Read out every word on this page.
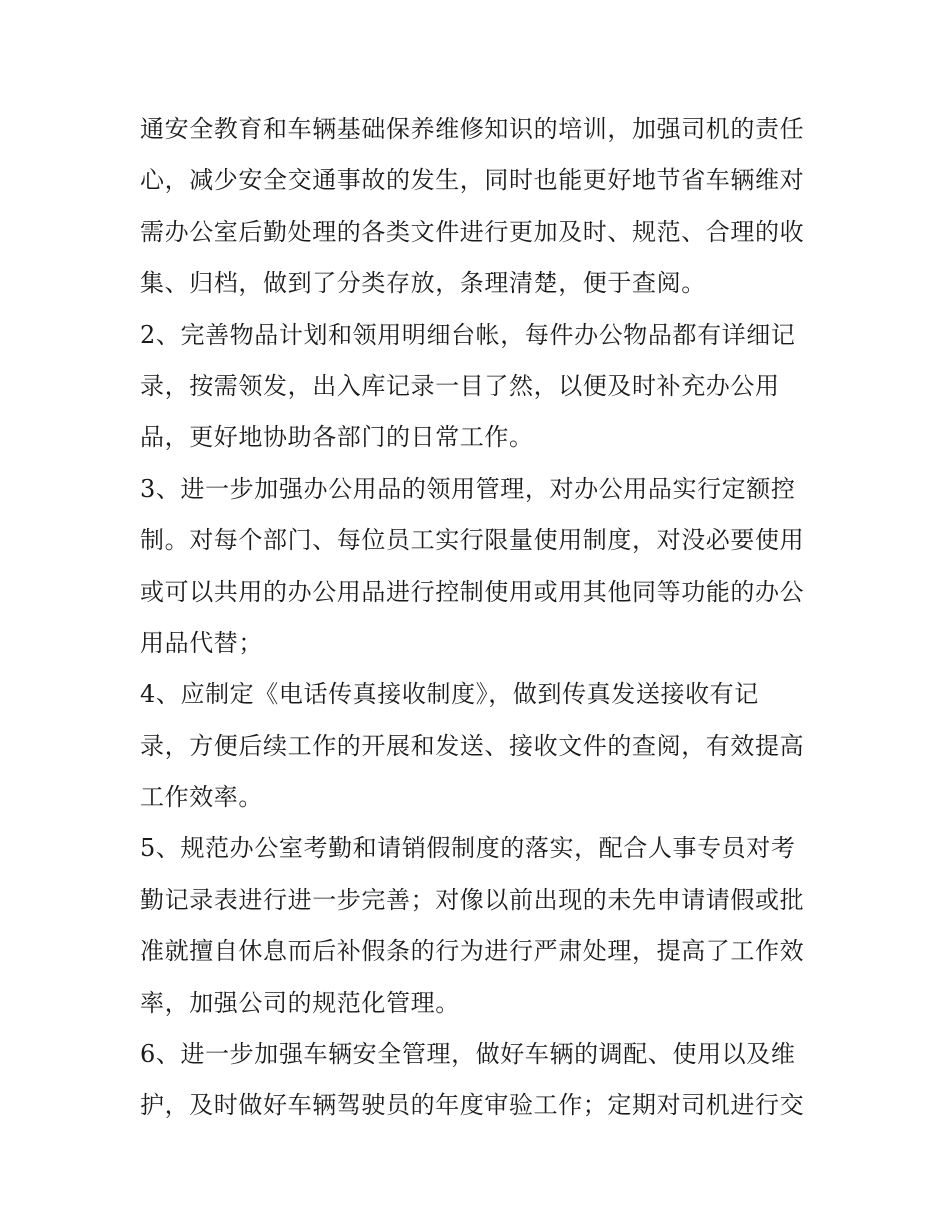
通安全教育和车辆基础保养维修知识的培训，加强司机的责任
心，减少安全交通事故的发生，同时也能更好地节省车辆维对
需办公室后勤处理的各类文件进行更加及时、规范、合理的收
集、归档，做到了分类存放，条理清楚，便于查阅。
2、完善物品计划和领用明细台帐，每件办公物品都有详细记
录，按需领发，出入库记录一目了然，以便及时补充办公用
品，更好地协助各部门的日常工作。
3、进一步加强办公用品的领用管理，对办公用品实行定额控
制。对每个部门、每位员工实行限量使用制度，对没必要使用
或可以共用的办公用品进行控制使用或用其他同等功能的办公
用品代替；
4、应制定《电话传真接收制度》，做到传真发送接收有记
录，方便后续工作的开展和发送、接收文件的查阅，有效提高
工作效率。
5、规范办公室考勤和请销假制度的落实，配合人事专员对考
勤记录表进行进一步完善；对像以前出现的未先申请请假或批
准就擅自休息而后补假条的行为进行严肃处理，提高了工作效
率，加强公司的规范化管理。
6、进一步加强车辆安全管理，做好车辆的调配、使用以及维
护，及时做好车辆驾驶员的年度审验工作；定期对司机进行交
